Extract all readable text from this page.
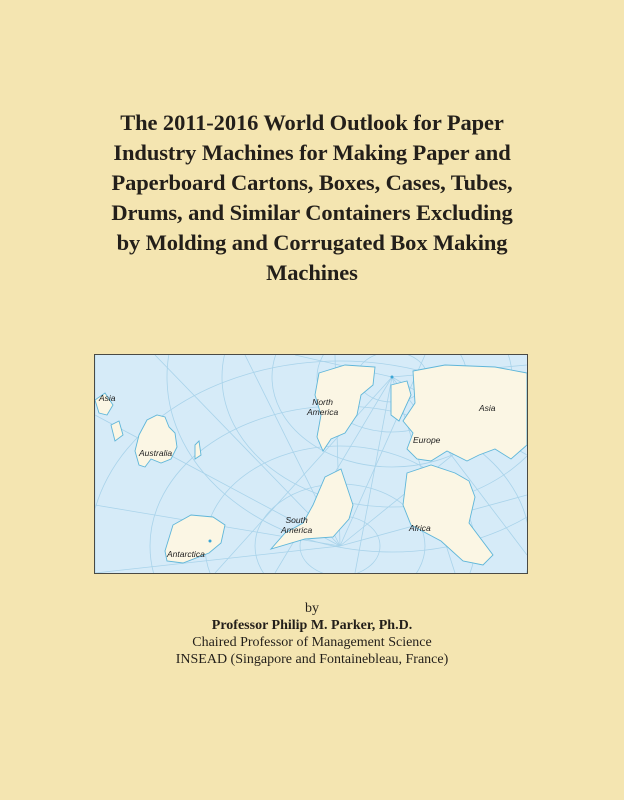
The 2011-2016 World Outlook for Paper
Industry Machines for Making Paper and
Paperboard Cartons, Boxes, Cases, Tubes,
Drums, and Similar Containers Excluding
by Molding and Corrugated Box Making
Machines
Asia
Australia
Antarctica
North
America
South
America
Asia
Europe
Africa
by
Professor Philip M. Parker, Ph.D.
Chaired Professor of Management Science
INSEAD (Singapore and Fontainebleau, France)
